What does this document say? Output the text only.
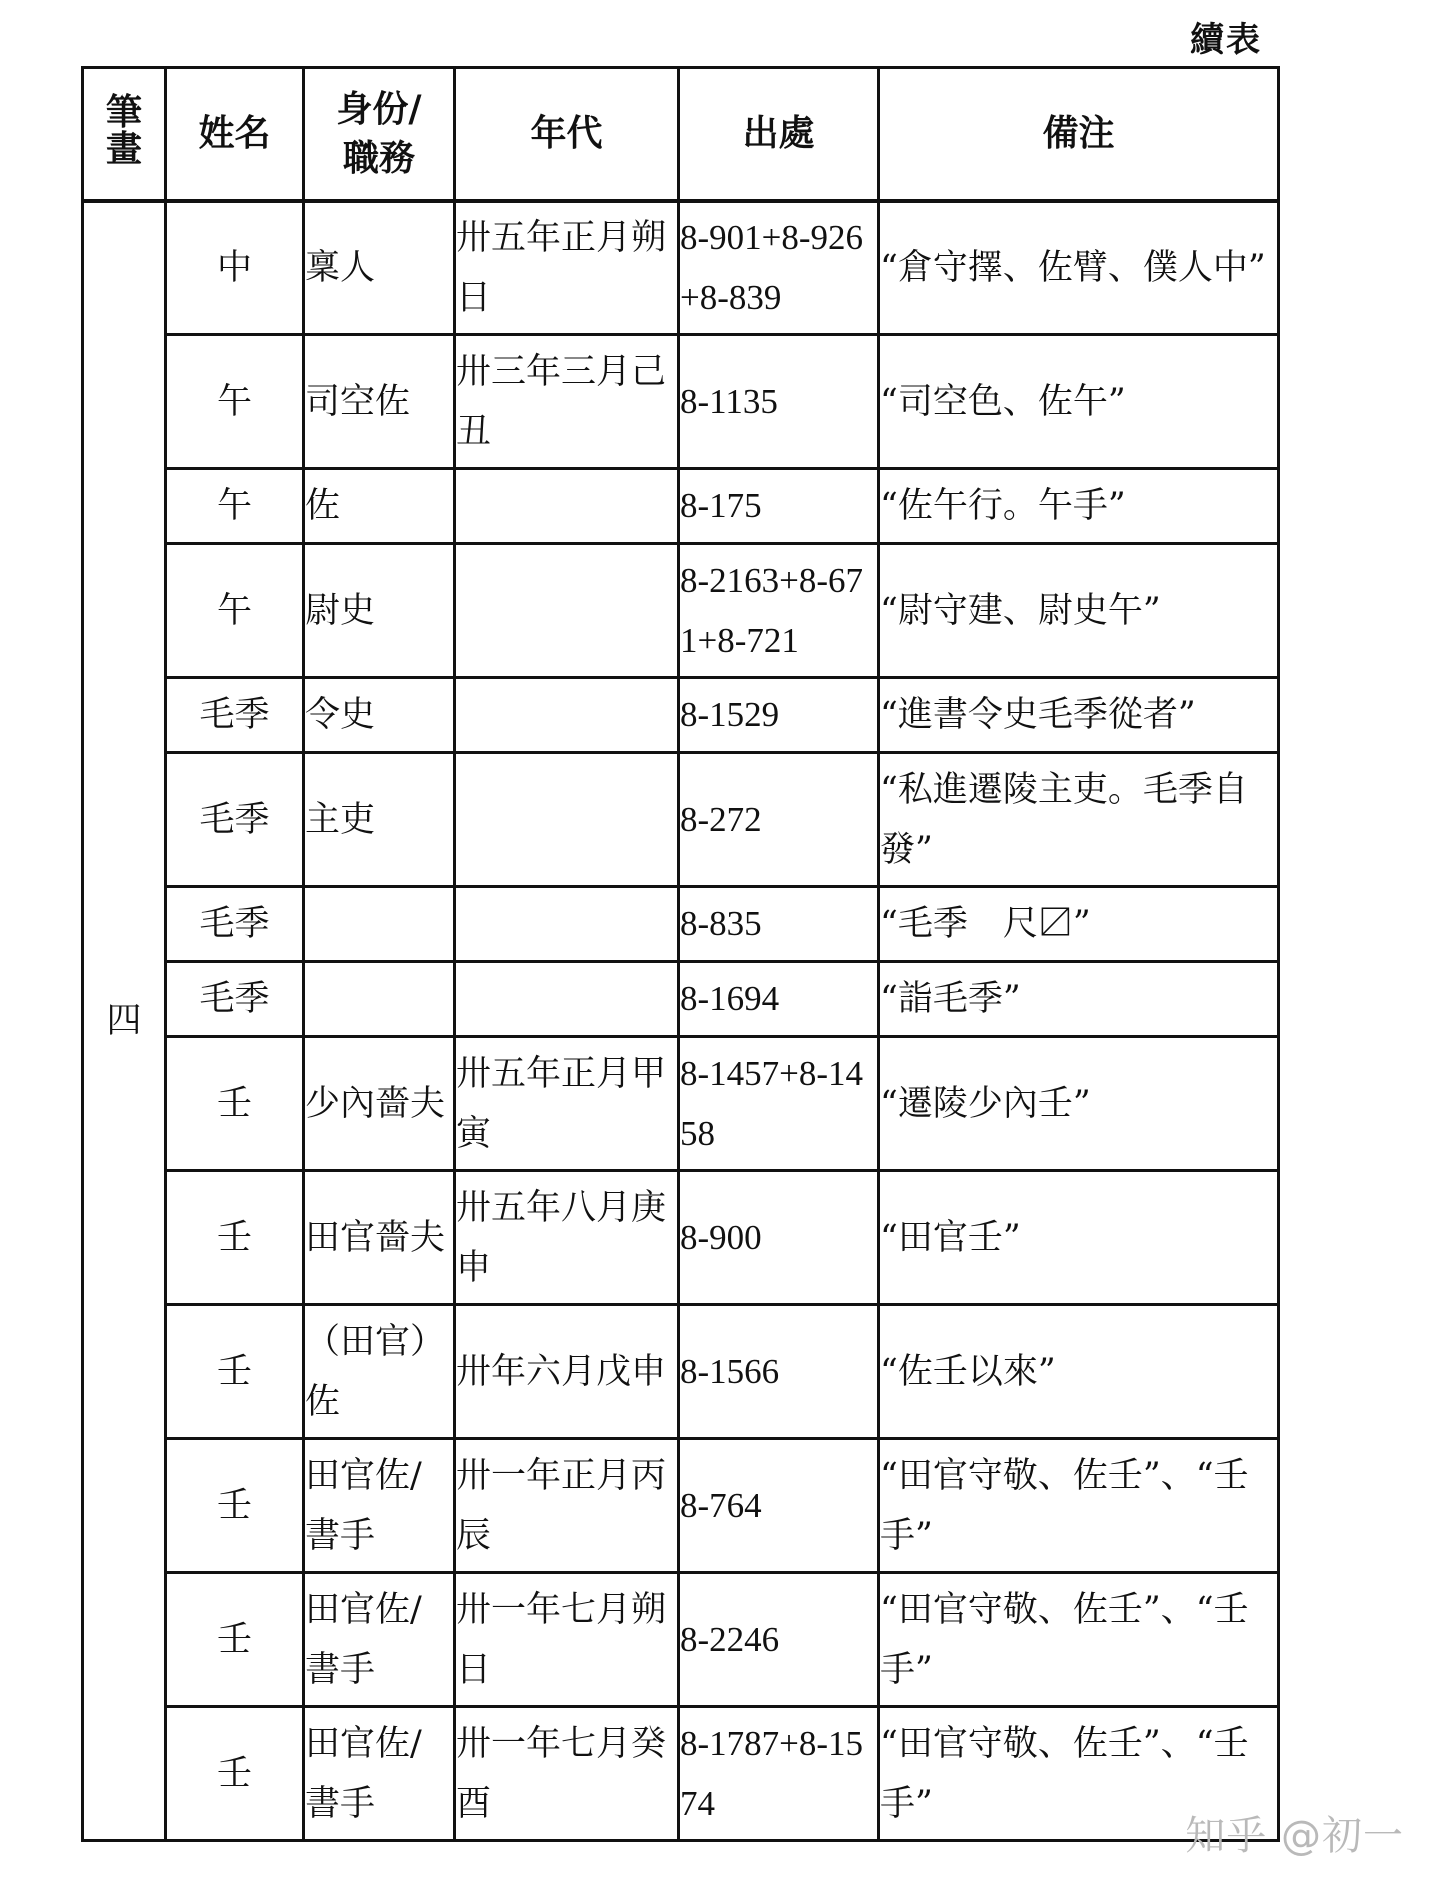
續表
筆畫	姓名	身份/職務	年代	出處	備注
四	中	稟人	卅五年正月朔日	8-901+8-926+8-839	“倉守擇、佐臂、僕人中”
	午	司空佐	卅三年三月己丑	8-1135	“司空色、佐午”
	午	佐		8-175	“佐午行。午手”
	午	尉史		8-2163+8-671+8-721	“尉守建、尉史午”
	毛季	令史		8-1529	“進書令史毛季從者”
	毛季	主吏		8-272	“私進遷陵主吏。毛季自發”
	毛季			8-835	“毛季　尺〼”
	毛季			8-1694	“詣毛季”
	壬	少內嗇夫	卅五年正月甲寅	8-1457+8-1458	“遷陵少內壬”
	壬	田官嗇夫	卅五年八月庚申	8-900	“田官壬”
	壬	（田官）佐	卅年六月戊申	8-1566	“佐壬以來”
	壬	田官佐/書手	卅一年正月丙辰	8-764	“田官守敬、佐壬”、“壬手”
	壬	田官佐/書手	卅一年七月朔日	8-2246	“田官守敬、佐壬”、“壬手”
	壬	田官佐/書手	卅一年七月癸酉	8-1787+8-1574	“田官守敬、佐壬”、“壬手”
知乎 @初一
